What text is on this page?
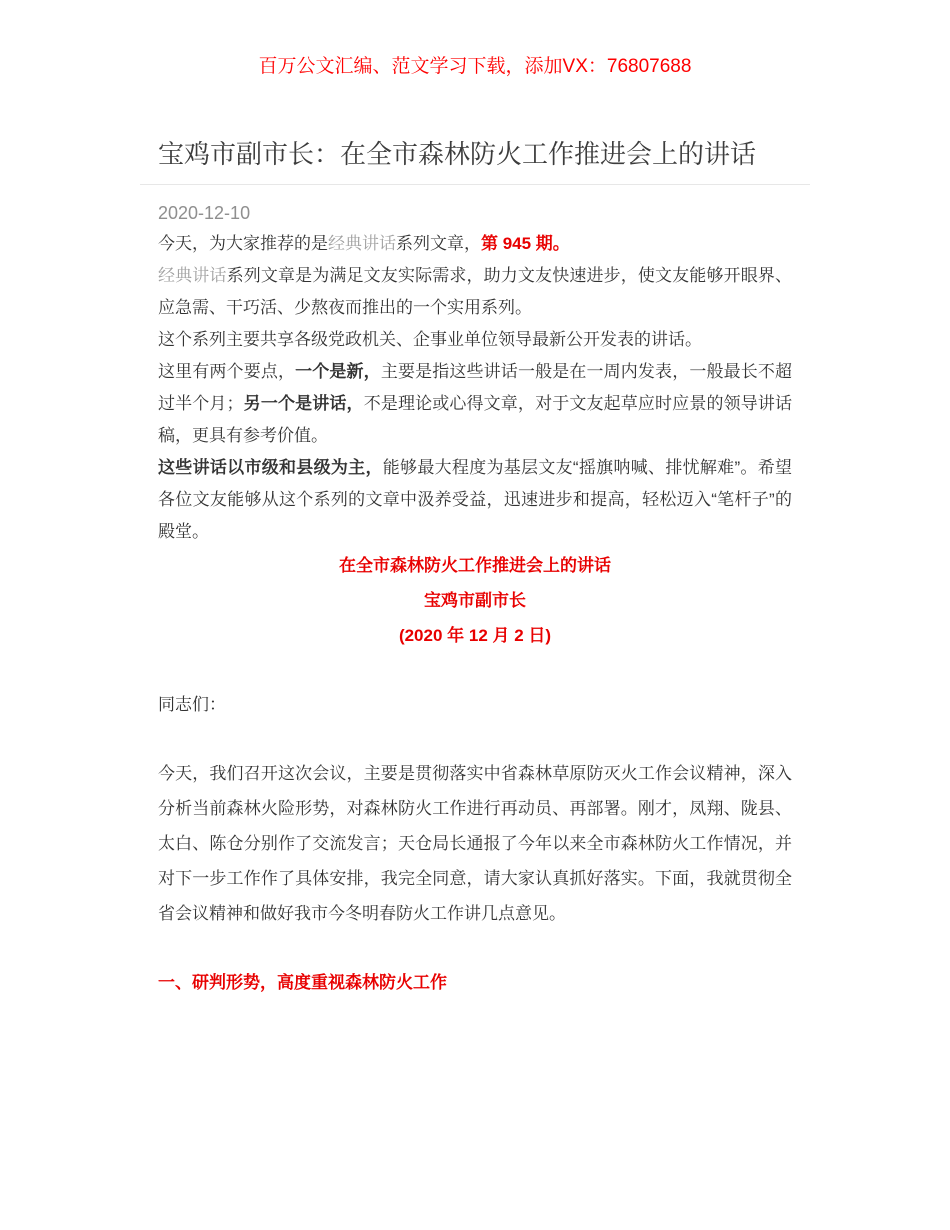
百万公文汇编、范文学习下载，添加VX：76807688
宝鸡市副市长：在全市森林防火工作推进会上的讲话
2020-12-10

今天，为大家推荐的是经典讲话系列文章，第 945 期。

经典讲话系列文章是为满足文友实际需求，助力文友快速进步，使文友能够开眼界、应急需、干巧活、少熬夜而推出的一个实用系列。

这个系列主要共享各级党政机关、企事业单位领导最新公开发表的讲话。

这里有两个要点，一个是新，主要是指这些讲话一般是在一周内发表，一般最长不超过半个月；另一个是讲话，不是理论或心得文章，对于文友起草应时应景的领导讲话稿，更具有参考价值。

这些讲话以市级和县级为主，能够最大程度为基层文友“摇旗呐喊、排忧解难”。希望各位文友能够从这个系列的文章中汲养受益，迅速进步和提高，轻松迈入“笔杆子”的殿堂。

在全市森林防火工作推进会上的讲话

宝鸡市副市长

(2020 年 12 月 2 日)

同志们：

今天，我们召开这次会议，主要是贯彻落实中省森林草原防灭火工作会议精神，深入分析当前森林火险形势，对森林防火工作进行再动员、再部署。刚才，凤翔、陇县、太白、陈仓分别作了交流发言；天仓局长通报了今年以来全市森林防火工作情况，并对下一步工作作了具体安排，我完全同意，请大家认真抓好落实。下面，我就贯彻全省会议精神和做好我市今冬明春防火工作讲几点意见。

一、研判形势，高度重视森林防火工作
